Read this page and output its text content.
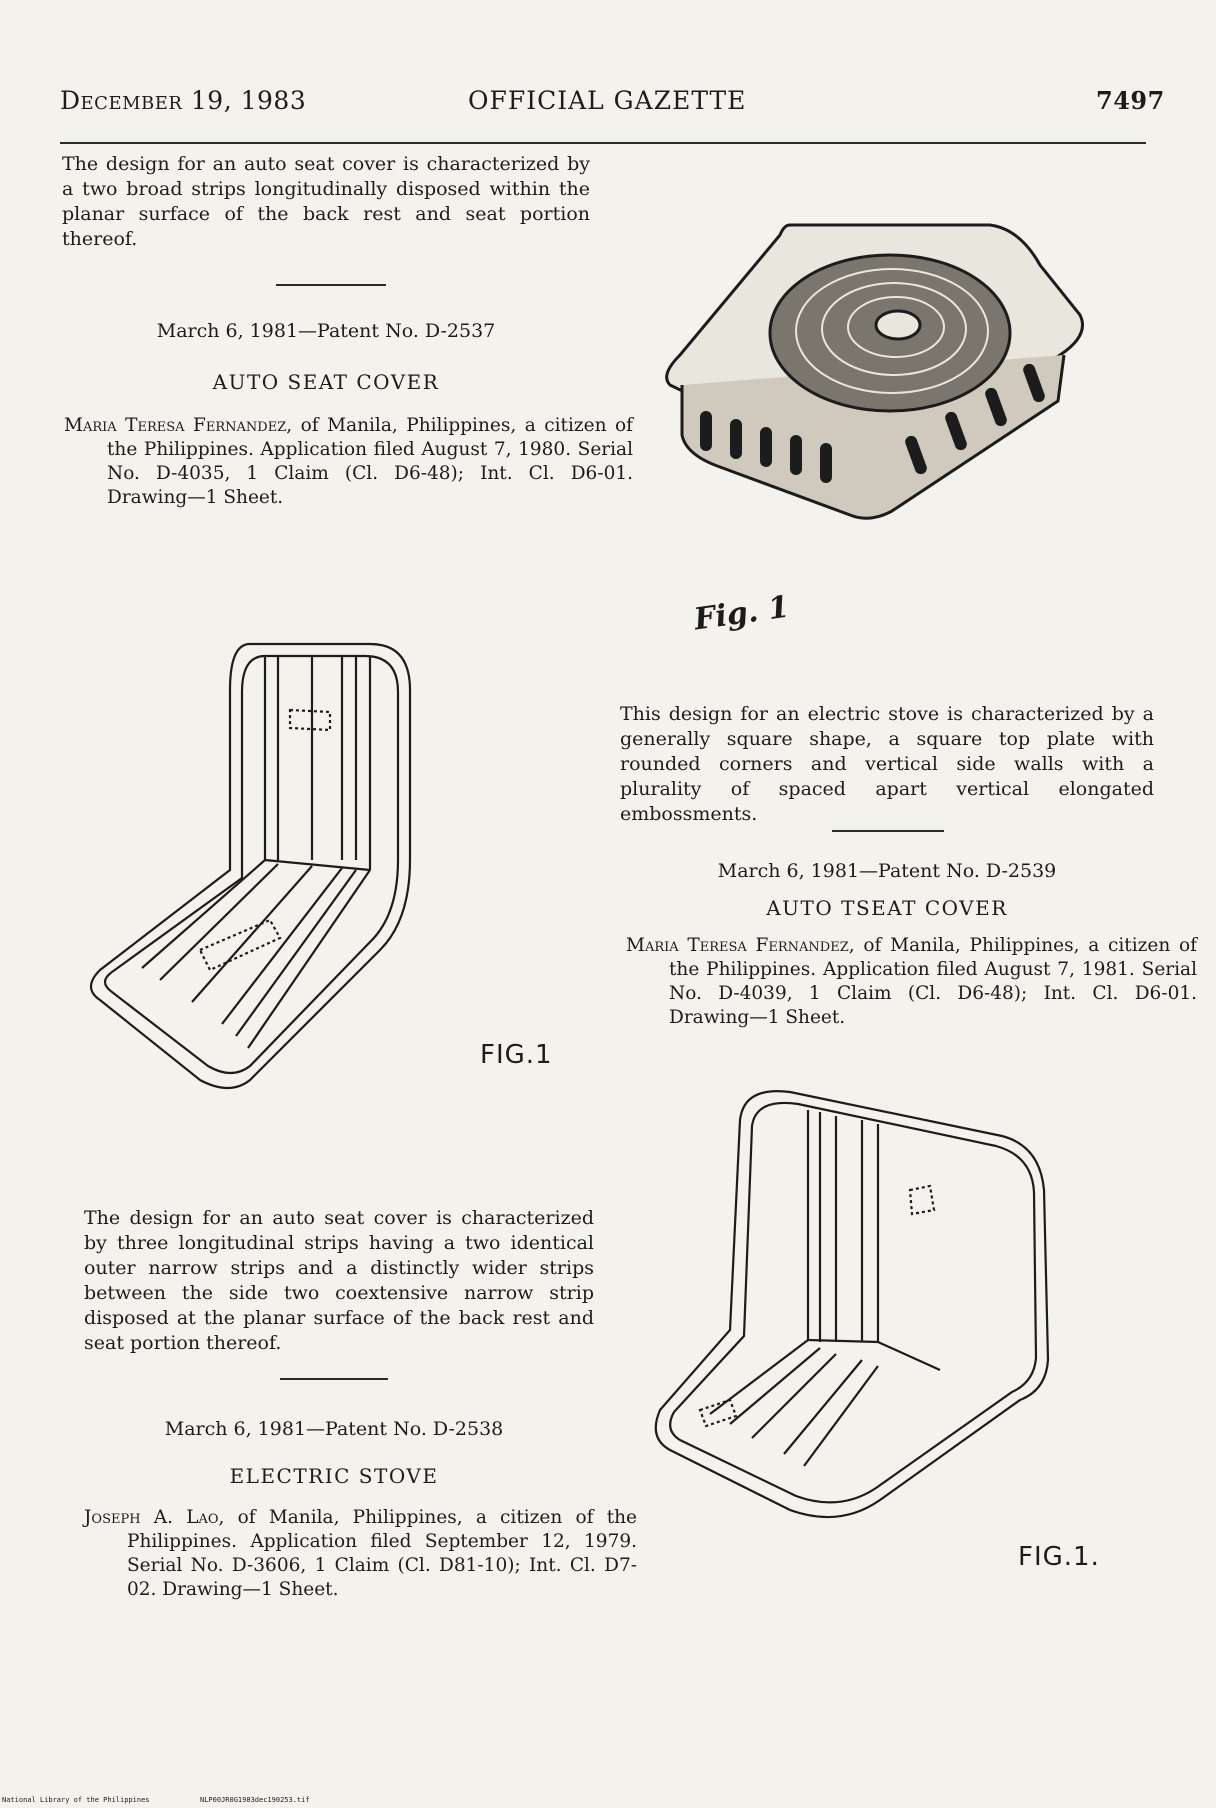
December 19, 1983	OFFICIAL GAZETTE	7497
The design for an auto seat cover is characterized by a two broad strips longitudinally disposed within the planar surface of the back rest and seat portion thereof.
March 6, 1981—Patent No. D-2537
AUTO SEAT COVER
Maria Teresa Fernandez, of Manila, Philippines, a citizen of the Philippines. Application filed August 7, 1980. Serial No. D-4035, 1 Claim (Cl. D6-48); Int. Cl. D6-01. Drawing—1 Sheet.
FIG.1
The design for an auto seat cover is characterized by three longitudinal strips having a two identical outer narrow strips and a distinctly wider strips between the side two coextensive narrow strip disposed at the planar surface of the back rest and seat portion thereof.
March 6, 1981—Patent No. D-2538
ELECTRIC STOVE
Joseph A. Lao, of Manila, Philippines, a citizen of the Philippines. Application filed September 12, 1979. Serial No. D-3606, 1 Claim (Cl. D81-10); Int. Cl. D7-02. Drawing—1 Sheet.
Fig. 1
This design for an electric stove is characterized by a generally square shape, a square top plate with rounded corners and vertical side walls with a plurality of spaced apart vertical elongated embossments.
March 6, 1981—Patent No. D-2539
AUTO TSEAT COVER
Maria Teresa Fernandez, of Manila, Philippines, a citizen of the Philippines. Application filed August 7, 1981. Serial No. D-4039, 1 Claim (Cl. D6-48); Int. Cl. D6-01. Drawing—1 Sheet.
FIG.1.
National Library of the Philippines	NLP00JR0G1983dec190253.tif
